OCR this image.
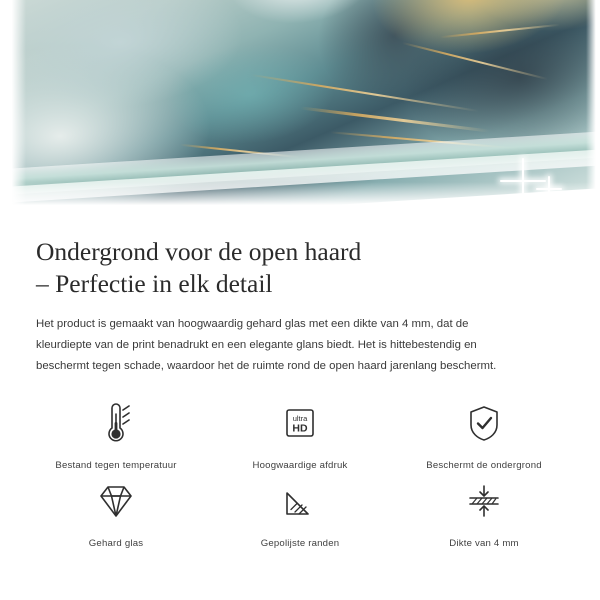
Ondergrond voor de open haard
– Perfectie in elk detail

Het product is gemaakt van hoogwaardig gehard glas met een dikte van 4 mm, dat de kleurdiepte van de print benadrukt en een elegante glans biedt. Het is hittebestendig en beschermt tegen schade, waardoor het de ruimte rond de open haard jarenlang beschermt.

Bestand tegen temperatuur
ultra
HD
Hoogwaardige afdruk	Beschermt de ondergrond
Gehard glas	Gepolijste randen	Dikte van 4 mm
